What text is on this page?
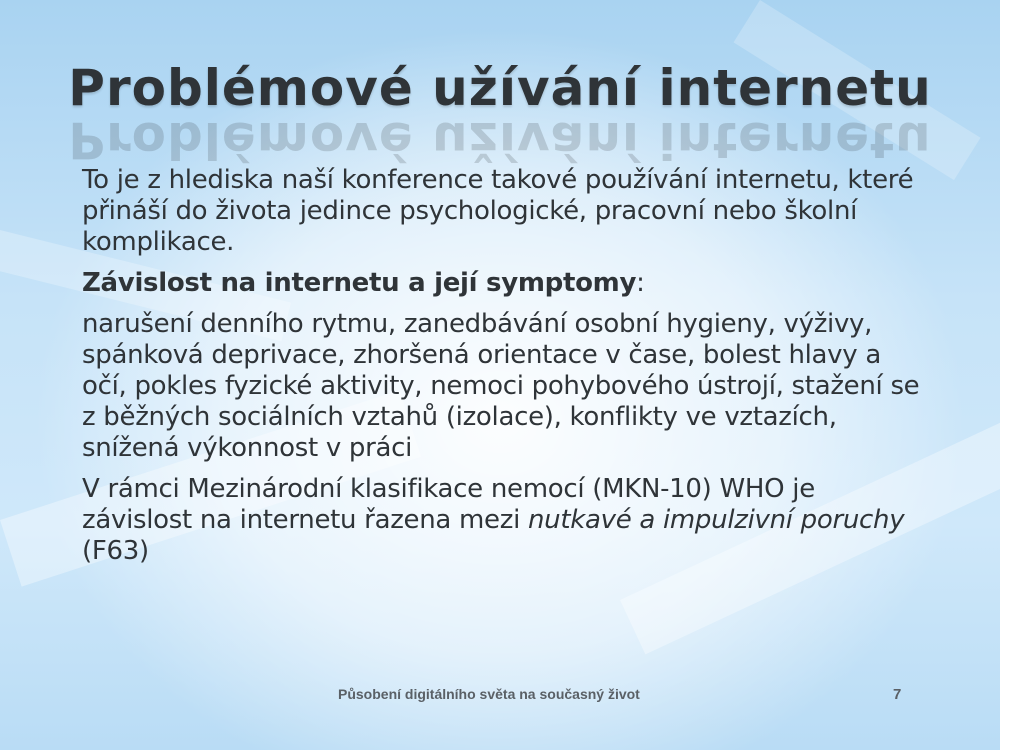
Problémové užívání internetu
Problémové užívání internetu

To je z hlediska naší konference takové používání internetu, které přináší do života jedince psychologické, pracovní nebo školní komplikace.

Závislost na internetu a její symptomy:

narušení denního rytmu, zanedbávání osobní hygieny, výživy, spánková deprivace, zhoršená orientace v čase, bolest hlavy a očí, pokles fyzické aktivity, nemoci pohybového ústrojí, stažení se z běžných sociálních vztahů (izolace), konflikty ve vztazích, snížená výkonnost v práci

V rámci Mezinárodní klasifikace nemocí (MKN-10) WHO je závislost na internetu řazena mezi nutkavé a impulzivní poruchy (F63)

Působení digitálního světa na současný život	7
